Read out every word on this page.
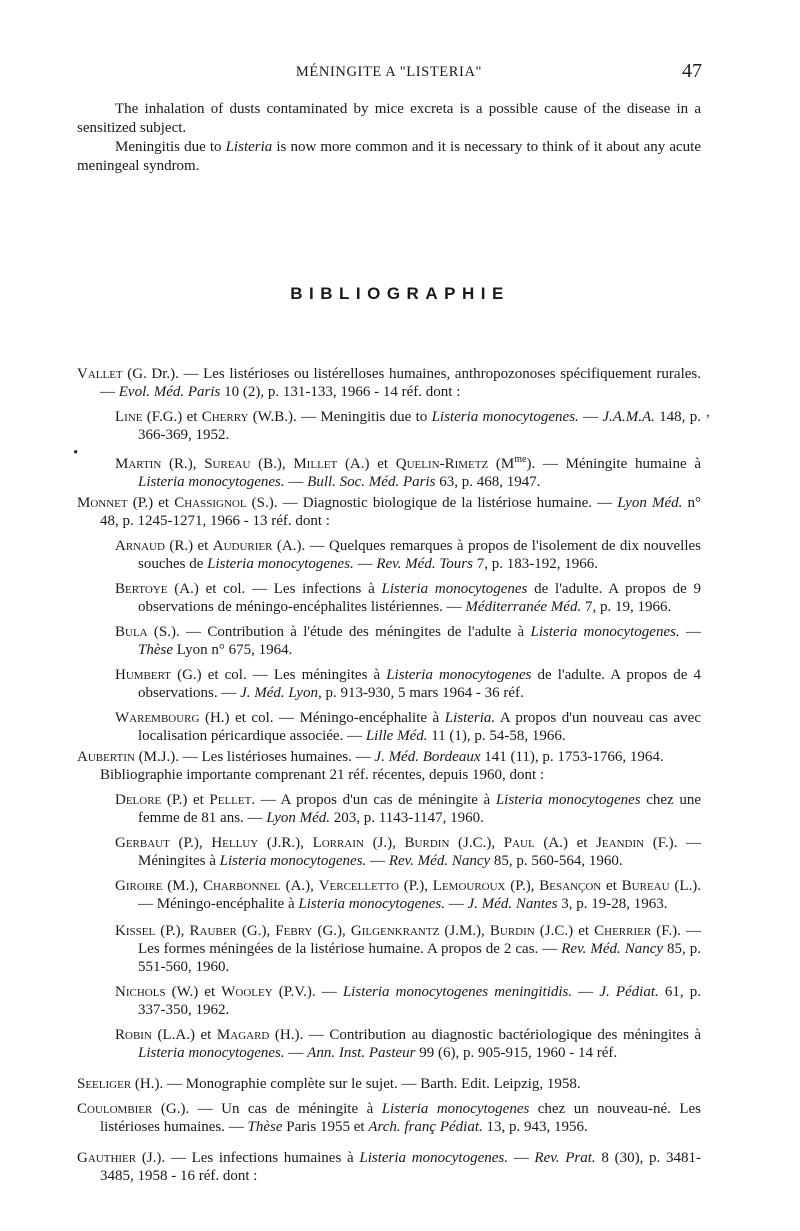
MÉNINGITE A "LISTERIA"	47

The inhalation of dusts contaminated by mice excreta is a possible cause of the disease in a sensitized subject.

Meningitis due to Listeria is now more common and it is necessary to think of it about any acute meningeal syndrom.

BIBLIOGRAPHIE
•
,
Vallet (G. Dr.). — Les listérioses ou listérelloses humaines, anthropozonoses spécifiquement rurales. — Evol. Méd. Paris 10 (2), p. 131-133, 1966 - 14 réf. dont :
Line (F.G.) et Cherry (W.B.). — Meningitis due to Listeria monocytogenes. — J.A.M.A. 148, p. 366-369, 1952.
Martin (R.), Sureau (B.), Millet (A.) et Quelin-Rimetz $(M^{me})$. — Méningite humaine à Listeria monocytogenes. — Bull. Soc. Méd. Paris 63, p. 468, 1947.
Monnet (P.) et Chassignol (S.). — Diagnostic biologique de la listériose humaine. — Lyon Méd. n° 48, p. 1245-1271, 1966 - 13 réf. dont :
Arnaud (R.) et Audurier (A.). — Quelques remarques à propos de l'isolement de dix nouvelles souches de Listeria monocytogenes. — Rev. Méd. Tours 7, p. 183-192, 1966.
Bertoye (A.) et col. — Les infections à Listeria monocytogenes de l'adulte. A propos de 9 observations de méningo-encéphalites listériennes. — Méditerranée Méd. 7, p. 19, 1966.
Bula (S.). — Contribution à l'étude des méningites de l'adulte à Listeria monocytogenes. — Thèse Lyon n° 675, 1964.
Humbert (G.) et col. — Les méningites à Listeria monocytogenes de l'adulte. A propos de 4 observations. — J. Méd. Lyon, p. 913-930, 5 mars 1964 - 36 réf.
Warembourg (H.) et col. — Méningo-encéphalite à Listeria. A propos d'un nouveau cas avec localisation péricardique associée. — Lille Méd. 11 (1), p. 54-58, 1966.
Aubertin (M.J.). — Les listérioses humaines. — J. Méd. Bordeaux 141 (11), p. 1753-1766, 1964.
Bibliographie importante comprenant 21 réf. récentes, depuis 1960, dont :
Delore (P.) et Pellet. — A propos d'un cas de méningite à Listeria monocytogenes chez une femme de 81 ans. — Lyon Méd. 203, p. 1143-1147, 1960.
Gerbaut (P.), Helluy (J.R.), Lorrain (J.), Burdin (J.C.), Paul (A.) et Jeandin (F.). — Méningites à Listeria monocytogenes. — Rev. Méd. Nancy 85, p. 560-564, 1960.
Giroire (M.), Charbonnel (A.), Vercelletto (P.), Lemouroux (P.), Besançon et Bureau (L.). — Méningo-encéphalite à Listeria monocytogenes. — J. Méd. Nantes 3, p. 19-28, 1963.
Kissel (P.), Rauber (G.), Febry (G.), Gilgenkrantz (J.M.), Burdin (J.C.) et Cherrier (F.). — Les formes méningées de la listériose humaine. A propos de 2 cas. — Rev. Méd. Nancy 85, p. 551-560, 1960.
Nichols (W.) et Wooley (P.V.). — Listeria monocytogenes meningitidis. — J. Pédiat. 61, p. 337-350, 1962.
Robin (L.A.) et Magard (H.). — Contribution au diagnostic bactériologique des méningites à Listeria monocytogenes. — Ann. Inst. Pasteur 99 (6), p. 905-915, 1960 - 14 réf.
Seeliger (H.). — Monographie complète sur le sujet. — Barth. Edit. Leipzig, 1958.
Coulombier (G.). — Un cas de méningite à Listeria monocytogenes chez un nouveau-né. Les listérioses humaines. — Thèse Paris 1955 et Arch. franç Pédiat. 13, p. 943, 1956.
Gauthier (J.). — Les infections humaines à Listeria monocytogenes. — Rev. Prat. 8 (30), p. 3481-3485, 1958 - 16 réf. dont :
